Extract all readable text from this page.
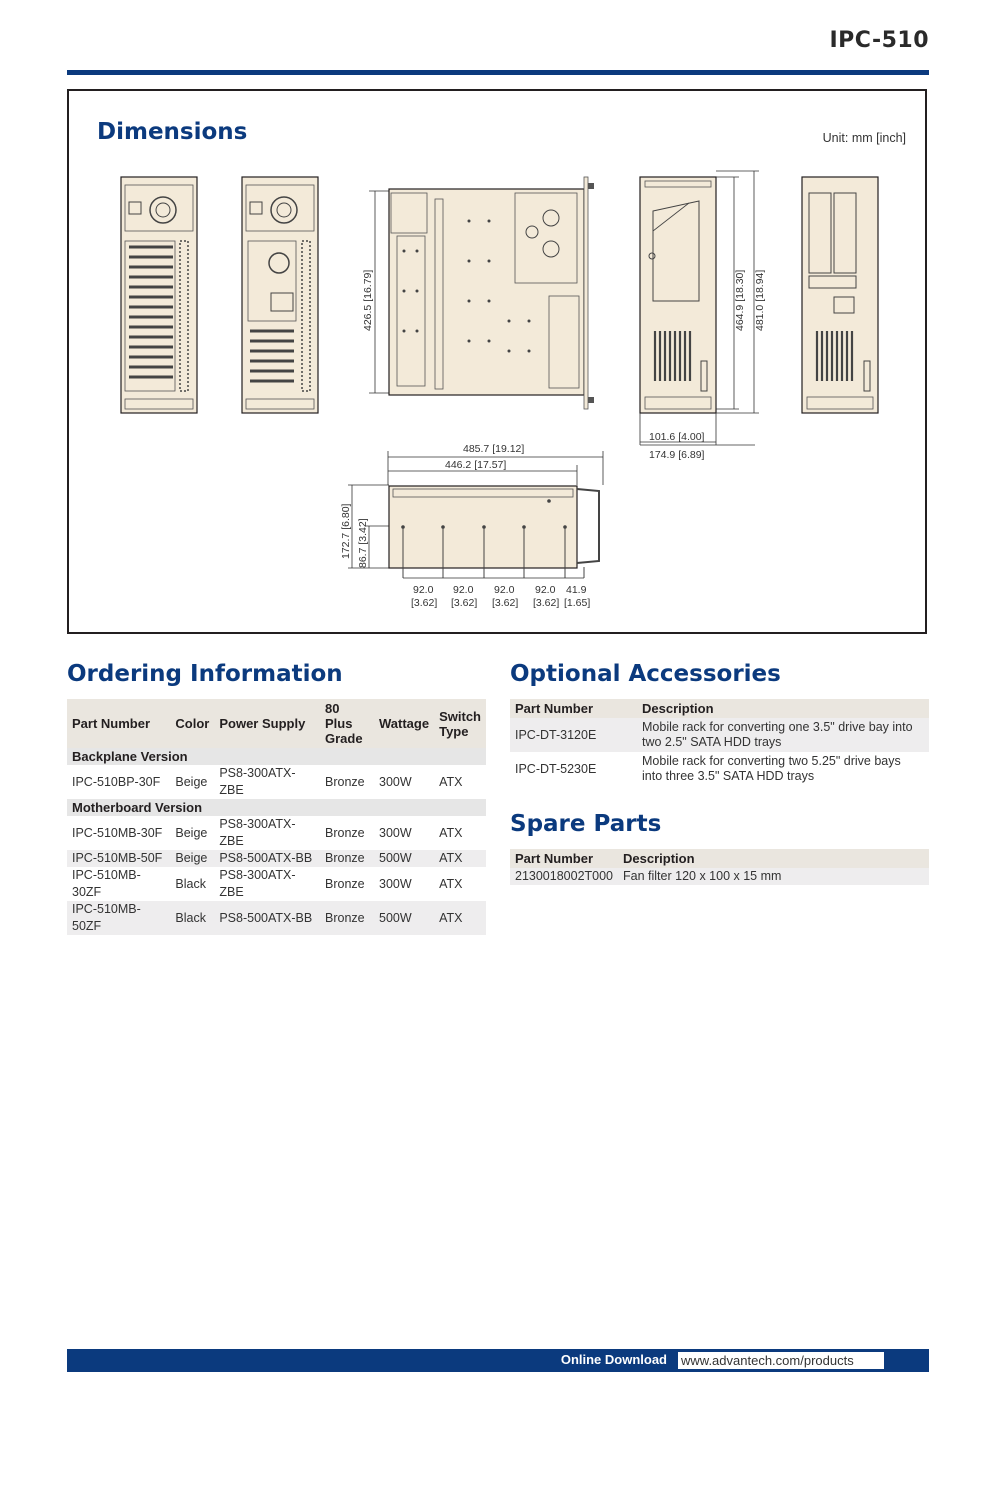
IPC-510
Dimensions	Unit: mm [inch]
426.5 [16.79]	464.9 [18.30] 481.0 [18.94]
101.6 [4.00]
174.9 [6.89]
485.7 [19.12]
446.2 [17.57]
172.7 [6.80] 86.7 [3.42]
92.0
[3.62]
92.0
[3.62]
92.0
[3.62]
92.0
[3.62]
41.9
[1.65]
Ordering Information
Part Number	Color	Power Supply	80 Plus Grade	Wattage	Switch Type
Backplane Version					
IPC-510BP-30F	Beige	PS8-300ATX-ZBE	Bronze	300W	ATX
Motherboard Version					
IPC-510MB-30F	Beige	PS8-300ATX-ZBE	Bronze	300W	ATX
IPC-510MB-50F	Beige	PS8-500ATX-BB	Bronze	500W	ATX
IPC-510MB-30ZF	Black	PS8-300ATX-ZBE	Bronze	300W	ATX
IPC-510MB-50ZF	Black	PS8-500ATX-BB	Bronze	500W	ATX
Optional Accessories
Part Number	Description
IPC-DT-3120E	Mobile rack for converting one 3.5" drive bay into two 2.5" SATA HDD trays
IPC-DT-5230E	Mobile rack for converting two 5.25" drive bays into three 3.5" SATA HDD trays
Spare Parts
Part Number	Description
2130018002T000	Fan filter 120 x 100 x 15 mm
Online Download www.advantech.com/products
